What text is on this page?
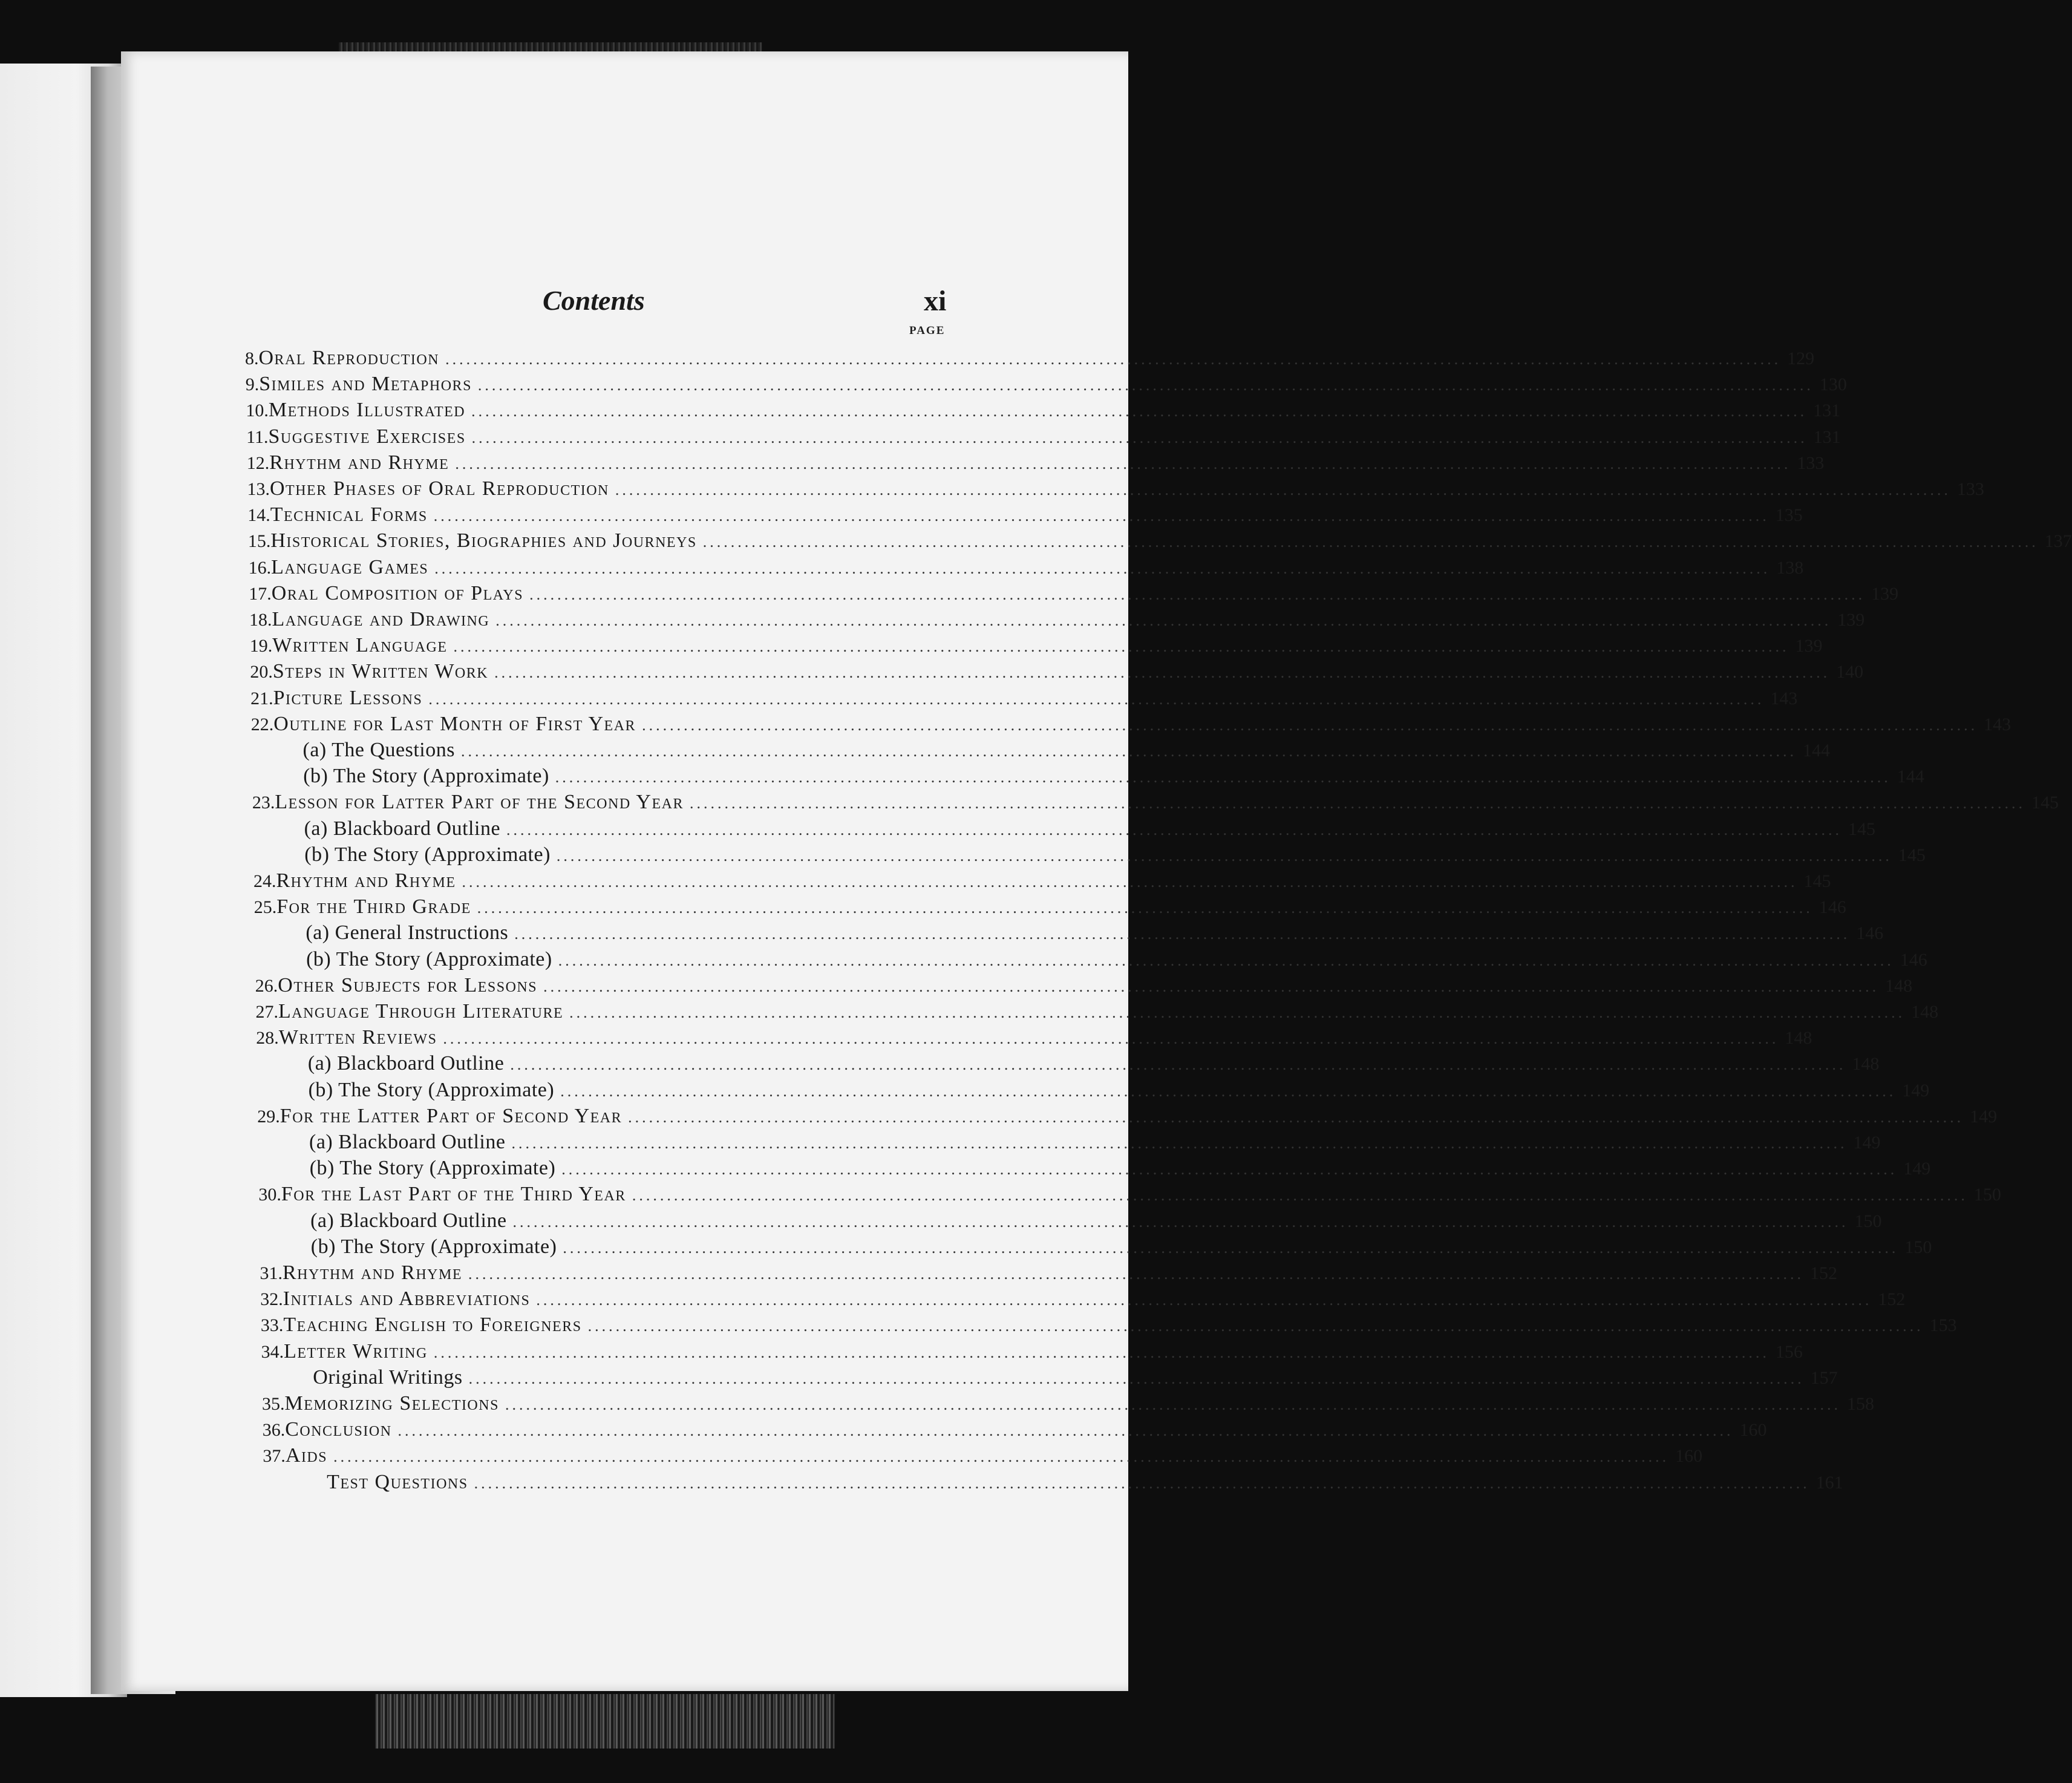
Contents	xi
PAGE
8. Oral Reproduction ................................................................................................................................................................................................ 129
9. Similes and Metaphors ................................................................................................................................................................................................ 130
10. Methods Illustrated ................................................................................................................................................................................................ 131
11. Suggestive Exercises ................................................................................................................................................................................................ 131
12. Rhythm and Rhyme ................................................................................................................................................................................................ 133
13. Other Phases of Oral Reproduction ................................................................................................................................................................................................ 133
14. Technical Forms ................................................................................................................................................................................................ 135
15. Historical Stories, Biographies and Journeys ................................................................................................................................................................................................ 137
16. Language Games ................................................................................................................................................................................................ 138
17. Oral Composition of Plays ................................................................................................................................................................................................ 139
18. Language and Drawing ................................................................................................................................................................................................ 139
19. Written Language ................................................................................................................................................................................................ 139
20. Steps in Written Work ................................................................................................................................................................................................ 140
21. Picture Lessons ................................................................................................................................................................................................ 143
22. Outline for Last Month of First Year ................................................................................................................................................................................................ 143
(a) The Questions ................................................................................................................................................................................................ 144
(b) The Story (Approximate) ................................................................................................................................................................................................ 144
23. Lesson for Latter Part of the Second Year ................................................................................................................................................................................................ 145
(a) Blackboard Outline ................................................................................................................................................................................................ 145
(b) The Story (Approximate) ................................................................................................................................................................................................ 145
24. Rhythm and Rhyme ................................................................................................................................................................................................ 145
25. For the Third Grade ................................................................................................................................................................................................ 146
(a) General Instructions ................................................................................................................................................................................................ 146
(b) The Story (Approximate) ................................................................................................................................................................................................ 146
26. Other Subjects for Lessons ................................................................................................................................................................................................ 148
27. Language Through Literature ................................................................................................................................................................................................ 148
28. Written Reviews ................................................................................................................................................................................................ 148
(a) Blackboard Outline ................................................................................................................................................................................................ 148
(b) The Story (Approximate) ................................................................................................................................................................................................ 149
29. For the Latter Part of Second Year ................................................................................................................................................................................................ 149
(a) Blackboard Outline ................................................................................................................................................................................................ 149
(b) The Story (Approximate) ................................................................................................................................................................................................ 149
30. For the Last Part of the Third Year ................................................................................................................................................................................................ 150
(a) Blackboard Outline ................................................................................................................................................................................................ 150
(b) The Story (Approximate) ................................................................................................................................................................................................ 150
31. Rhythm and Rhyme ................................................................................................................................................................................................ 152
32. Initials and Abbreviations ................................................................................................................................................................................................ 152
33. Teaching English to Foreigners ................................................................................................................................................................................................ 153
34. Letter Writing ................................................................................................................................................................................................ 156
Original Writings ................................................................................................................................................................................................ 157
35. Memorizing Selections ................................................................................................................................................................................................ 158
36. Conclusion ................................................................................................................................................................................................ 160
37. Aids ................................................................................................................................................................................................ 160
Test Questions ................................................................................................................................................................................................ 161
